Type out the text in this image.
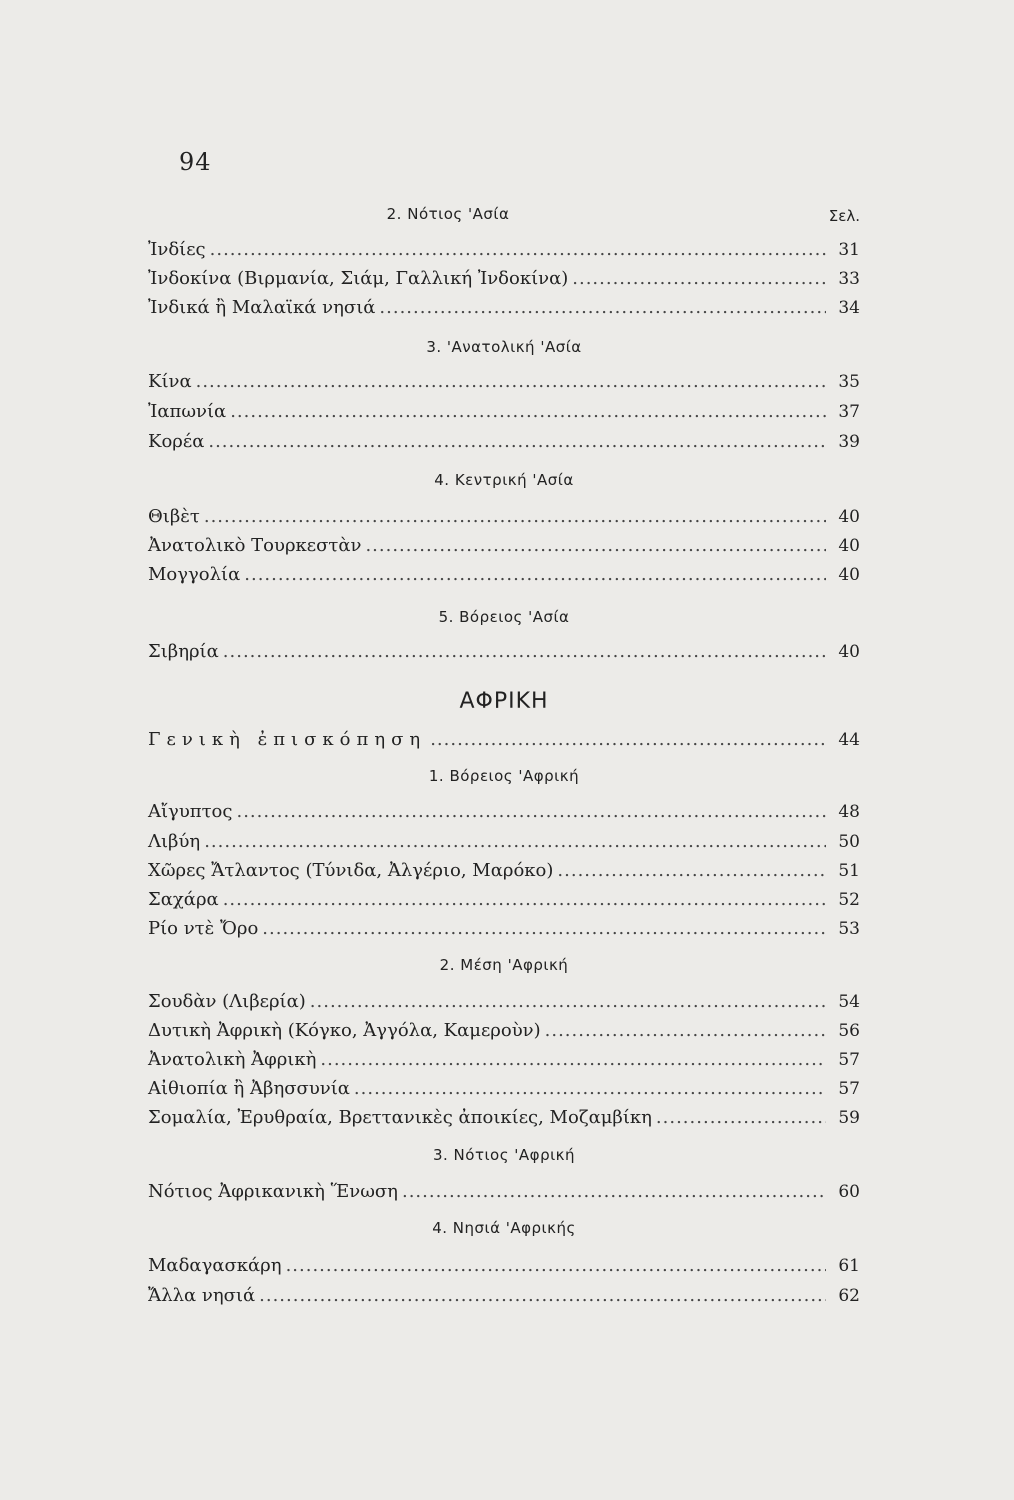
94
Σελ.
2. Νότιος 'Ασία
Ἰνδίες .....	31
Ἰνδοκίνα (Βιρμανία, Σιάμ, Γαλλική Ἰνδοκίνα) .....	33
Ἰνδικά ἢ Μαλαϊκά νησιά .....	34
3. 'Ανατολική 'Ασία
Κίνα .....	35
Ἰαπωνία .....	37
Κορέα .....	39
4. Κεντρική 'Ασία
Θιβὲτ .....	40
Ἀνατολικὸ Τουρκεστὰν .....	40
Μογγολία .....	40
5. Βόρειος 'Ασία
Σιβηρία .....	40
ΑΦΡΙΚΗ
Γενικὴ ἐπισκόπηση .....	44
1. Βόρειος 'Αφρική
Αἴγυπτος .....	48
Λιβύη .....	50
Χῶρες Ἄτλαντος (Τύνιδα, Ἀλγέριο, Μαρόκο) .....	51
Σαχάρα .....	52
Ρίο ντὲ Ὄρο .....	53
2. Μέση 'Αφρική
Σουδὰν (Λιβερία) .....	54
Δυτικὴ Ἀφρικὴ (Κόγκο, Ἀγγόλα, Καμεροὺν) .....	56
Ἀνατολικὴ Ἀφρικὴ .....	57
Αἰθιοπία ἢ Ἀβησσυνία .....	57
Σομαλία, Ἐρυθραία, Βρεττανικὲς ἀποικίες, Μοζαμβίκη .....	59
3. Νότιος 'Αφρική
Νότιος Ἀφρικανικὴ Ἕνωση .....	60
4. Νησιά 'Αφρικής
Μαδαγασκάρη .....	61
Ἄλλα νησιά .....	62
